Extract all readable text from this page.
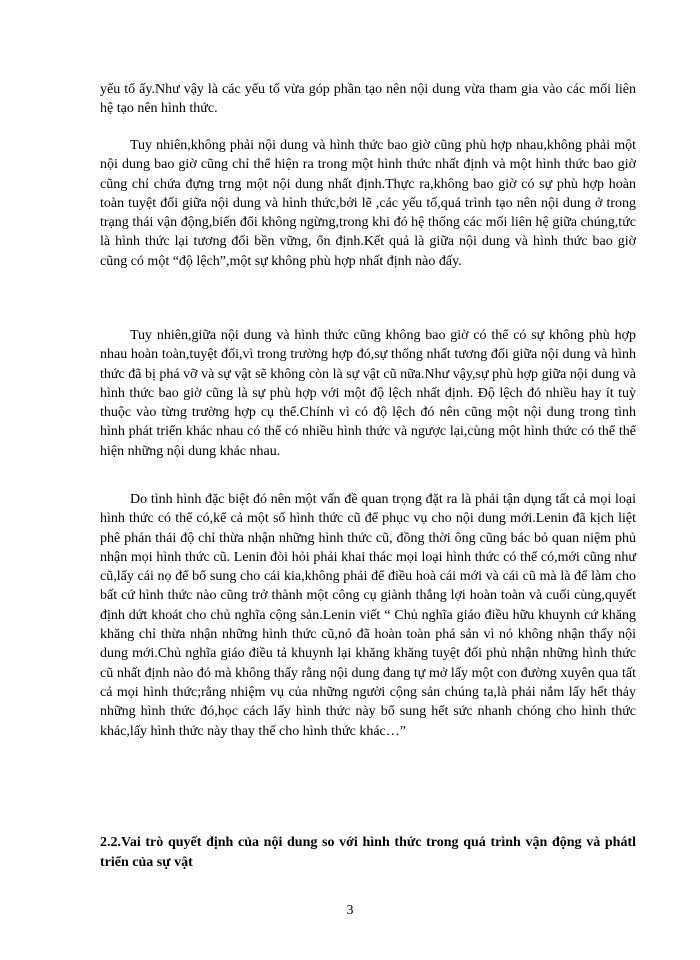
yếu tố ấy.Như vậy là các yếu tố vừa góp phần tạo nên nội dung vừa tham gia vào các mối liên hệ tạo nên hình thức.

Tuy nhiên,không phải nội dung và hình thức bao giờ cũng phù hợp nhau,không phải một nội dung bao giờ cũng chỉ thể hiện ra trong một hình thức nhất định và một hình thức bao giờ cũng chỉ chứa đựng trng một nội dung nhất định.Thực ra,không bao giờ có sự phù hợp hoàn toàn tuyệt đối giữa nội dung và hình thức,bởi lẽ ,các yếu tố,quá trình tạo nên nội dung ở trong trạng thái vận động,biến đổi không ngừng,trong khi đó hệ thống các mối liên hệ giữa chúng,tức là hình thức lại tương đối bền vững, ổn định.Kết quả là giữa nội dung và hình thức bao giờ cũng có một “độ lệch”,một sự không phù hợp nhất định nào đấy.

Tuy nhiên,giữa nội dung và hình thức cũng không bao giờ có thể có sự không phù hợp nhau hoàn toàn,tuyệt đối,vì trong trường hợp đó,sự thống nhất tương đối giữa nội dung và hình thức đã bị phá vỡ và sự vật sẽ không còn là sự vật cũ nữa.Như vậy,sự phù hợp giữa nội dung và hình thức bao giờ cũng là sự phù hợp với một độ lệch nhất định. Độ lệch đó nhiều hay ít tuỳ thuộc vào từng trường hợp cụ thể.Chính vì có độ lệch đó nên cũng một nội dung trong tình hình phát triển khác nhau có thể có nhiều hình thức và ngược lại,cùng một hình thức có thể thể hiện những nội dung khác nhau.

Do tình hình đặc biệt đó nên một vấn đề quan trọng đặt ra là phải tận dụng tất cả mọi loại hình thức có thể có,kể cả một số hình thức cũ để phục vụ cho nội dung mới.Lenin đã kịch liệt phê phán thái độ chỉ thừa nhận những hình thức cũ, đồng thời ông cũng bác bỏ quan niệm phủ nhận mọi hình thức cũ. Lenin đòi hỏi phải khai thác mọi loại hình thức có thể có,mới cũng như cũ,lấy cái nọ để bổ sung cho cái kia,không phải để điều hoà cái mới và cái cũ mà là để làm cho bất cứ hình thức nào cũng trở thành một công cụ giành thắng lợi hoàn toàn và cuối cùng,quyết định dứt khoát cho chủ nghĩa cộng sản.Lenin viết “ Chủ nghĩa giáo điều hữu khuynh cứ khăng khăng chỉ thừa nhận những hình thức cũ,nó đã hoàn toàn phá sản vì nó không nhận thấy nội dung mới.Chủ nghĩa giáo điều tả khuynh lại khăng khăng tuyệt đối phủ nhận những hình thức cũ nhất định nào đó mà không thấy rằng nội dung đang tự mở lấy một con đường xuyên qua tất cả mọi hình thức;rằng nhiệm vụ của những người cộng sản chúng ta,là phải nắm lấy hết thảy những hình thức đó,học cách lấy hình thức này bổ sung hết sức nhanh chóng cho hình thức khác,lấy hình thức này thay thế cho hình thức khác…”

2.2.Vai trò quyết định của nội dung so với hình thức trong quá trình vận động và phátl triển của sự vật
3
